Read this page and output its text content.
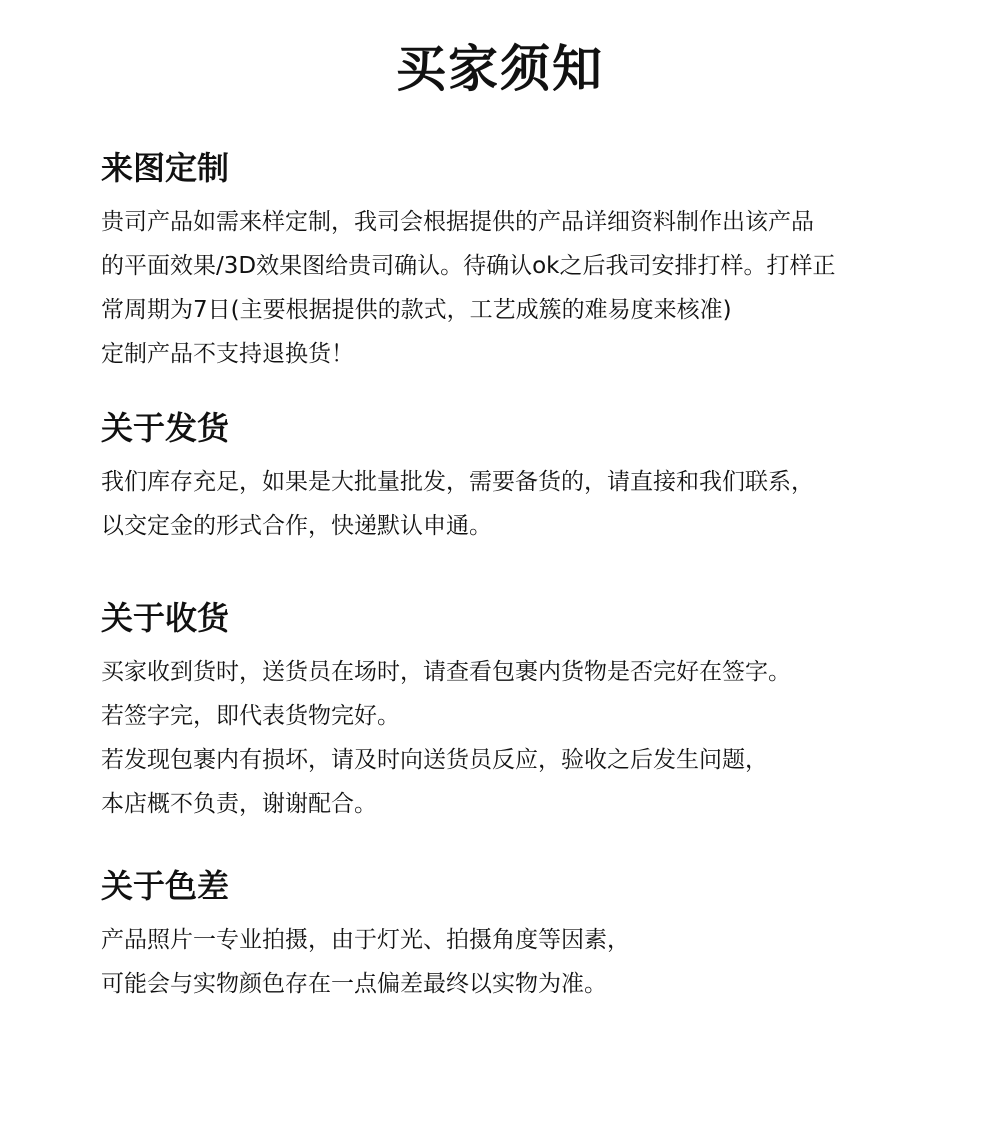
买家须知
来图定制
贵司产品如需来样定制，我司会根据提供的产品详细资料制作出该产品
的平面效果/3D效果图给贵司确认。待确认ok之后我司安排打样。打样正
常周期为7日(主要根据提供的款式，工艺成簇的难易度来核准)
定制产品不支持退换货！
关于发货
我们库存充足，如果是大批量批发，需要备货的，请直接和我们联系，
以交定金的形式合作，快递默认申通。
关于收货
买家收到货时，送货员在场时，请查看包裹内货物是否完好在签字。
若签字完，即代表货物完好。
若发现包裹内有损坏，请及时向送货员反应，验收之后发生问题，
本店概不负责，谢谢配合。
关于色差
产品照片一专业拍摄，由于灯光、拍摄角度等因素，
可能会与实物颜色存在一点偏差最终以实物为准。
